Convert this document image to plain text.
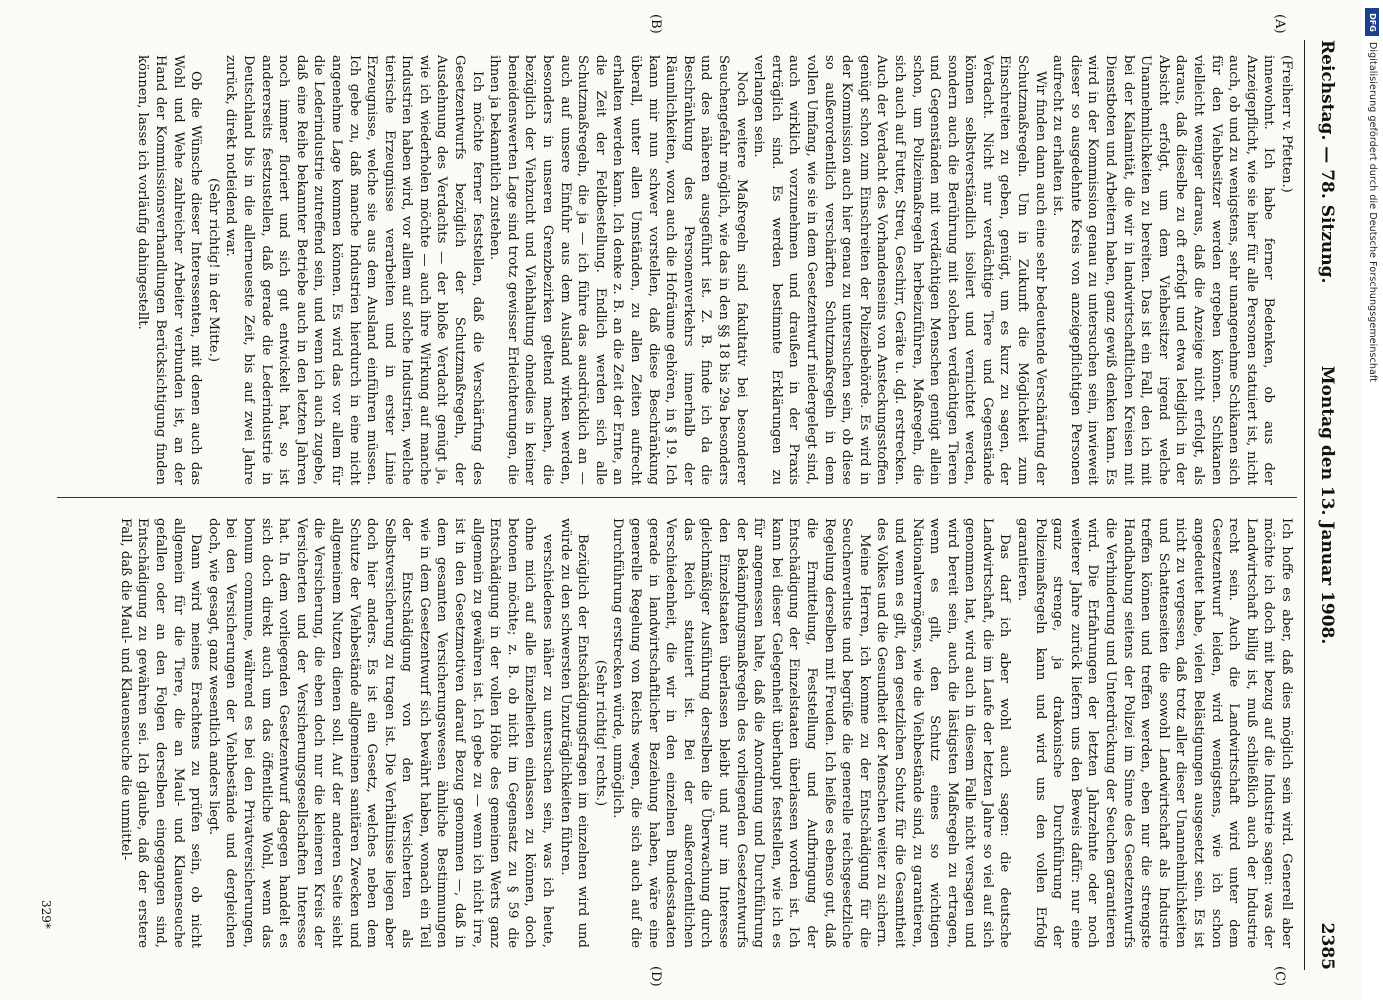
Reichstag. — 78. Sitzung.
Montag den 13. Januar 1908.
2385
(A)
(B)
(C)
(D)

(Freiherr v. Pfetten.)

innewohnt. Ich habe ferner Bedenken, ob aus der Anzeigepflicht, wie sie hier für alle Personen statuiert ist, nicht auch, ob und zu wenigstens, sehr unangenehme Schikanen sich für den Viehbesitzer werden ergeben können. Schikanen vielleicht weniger daraus, daß die Anzeige nicht erfolgt, als daraus, daß dieselbe zu oft erfolgt und etwa lediglich in der Absicht erfolgt, um dem Viehbesitzer irgend welche Unannehmlichkeiten zu bereiten. Das ist ein Fall, den ich mit bei der Kalamität, die wir in landwirtschaftlichen Kreisen mit Dienstboten und Arbeitern haben, ganz gewiß denken kann. Es wird in der Kommission genau zu untersuchen sein, inwieweit dieser so ausgedehnte Kreis von anzeigepflichtigen Personen aufrecht zu erhalten ist.

Wir finden dann auch eine sehr bedeutende Verschärfung der Schutzmaßregeln. Um in Zukunft die Möglichkeit zum Einschreiten zu geben, genügt, um es kurz zu sagen, der Verdacht. Nicht nur verdächtige Tiere und Gegenstände können selbstverständlich isoliert und vernichtet werden, sondern auch die Berührung mit solchen verdächtigen Tieren und Gegenständen mit verdächtigen Menschen genügt allein schon, um Polizeimaßregeln herbeizuführen, Maßregeln, die sich auch auf Futter, Streu, Geschirr, Geräte u. dgl. erstrecken. Auch der Verdacht des Vorhandenseins von Ansteckungsstoffen genügt schon zum Einschreiten der Polizeibehörde. Es wird in der Kommission auch hier genau zu untersuchen sein, ob diese so außerordentlich verschärften Schutzmaßregeln in dem vollen Umfang, wie sie in dem Gesetzentwurf niedergelegt sind, auch wirklich vorzunehmen und draußen in der Praxis erträglich sind. Es werden bestimmte Erklärungen zu verlangen sein.

Noch weitere Maßregeln sind fakultativ bei besonderer Seuchengefahr möglich, wie das in den §§ 18 bis 29a besonders und des näheren ausgeführt ist. Z. B. finde ich da die Beschränkung des Personenverkehrs innerhalb der Räumlichkeiten, wozu auch die Hofräume gehören, in § 19. Ich kann mir nun schwer vorstellen, daß diese Beschränkung überall, unter allen Umständen, zu allen Zeiten aufrecht erhalten werden kann. Ich denke z. B. an die Zeit der Ernte, an die Zeit der Feldbestellung. Endlich werden sich alle Schutzmaßregeln, die ja — ich führe das ausdrücklich an — auch auf unsere Einfuhr aus dem Ausland wirken werden, besonders in unseren Grenzbezirken geltend machen, die bezüglich der Viehzucht und Viehhaltung ohnedies in keiner beneidenswerten Lage sind trotz gewisser Erleichterungen, die ihnen ja bekanntlich zustehen.

Ich möchte ferner feststellen, daß die Verschärfung des Gesetzentwurfs bezüglich der Schutzmaßregeln, der Ausdehnung des Verdachts — der bloße Verdacht genügt ja, wie ich wiederholen möchte — auch ihre Wirkung auf manche Industrien haben wird, vor allem auf solche Industrien, welche tierische Erzeugnisse verarbeiten und in erster Linie Erzeugnisse, welche sie aus dem Ausland einführen müssen. Ich gebe zu, daß manche Industrien hierdurch in eine nicht angenehme Lage kommen können. Es wird das vor allem für die Lederindustrie zutreffend sein, und wenn ich auch zugebe, daß eine Reihe bekannter Betriebe auch in den letzten Jahren noch immer floriert und sich gut entwickelt hat, so ist andererseits festzustellen, daß gerade die Lederindustrie in Deutschland bis in die allerneueste Zeit, bis auf zwei Jahre zurück, direkt notleidend war.

(Sehr richtig! in der Mitte.)

Ob die Wünsche dieser Interessenten, mit denen auch das Wohl und Wehe zahlreicher Arbeiter verbunden ist, an der Hand der Kommissionsverhandlungen Berücksichtigung finden können, lasse ich vorläufig dahingestellt.

Ich hoffe es aber, daß dies möglich sein wird. Generell aber möchte ich doch mit bezug auf die Industrie sagen: was der Landwirtschaft billig ist, muß schließlich auch der Industrie recht sein. Auch die Landwirtschaft wird unter dem Gesetzentwurf leiden, wird wenigstens, wie ich schon angedeutet habe, vielen Belästigungen ausgesetzt sein. Es ist nicht zu vergessen, daß trotz aller dieser Unannehmlichkeiten und Schattenseiten die sowohl Landwirtschaft als Industrie treffen können und treffen werden, eben nur die strengste Handhabung seitens der Polizei im Sinne des Gesetzentwurfs die Verhinderung und Unterdrückung der Seuchen garantieren wird. Die Erfahrungen der letzten Jahrzehnte oder noch weiterer Jahre zurück liefern uns den Beweis dafür: nur eine ganz strenge, ja drakonische Durchführung der Polizeimaßregeln kann und wird uns den vollen Erfolg garantieren.

Das darf ich aber wohl auch sagen: die deutsche Landwirtschaft, die im Laufe der letzten Jahre so viel auf sich genommen hat, wird auch in diesem Falle nicht versagen und wird bereit sein, auch die lästigsten Maßregeln zu ertragen, wenn es gilt, den Schutz eines so wichtigen Nationalvermögens, wie die Viehbestände sind, zu garantieren, und wenn es gilt, den gesetzlichen Schutz für die Gesamtheit des Volkes und die Gesundheit der Menschen weiter zu sichern.

Meine Herren, ich komme zu der Entschädigung für die Seuchenverluste und begrüße die generelle reichsgesetzliche Regelung derselben mit Freuden. Ich heiße es ebenso gut, daß die Ermittelung, Feststellung und Aufbringung der Entschädigung der Einzelstaaten überlassen worden ist. Ich kann bei dieser Gelegenheit überhaupt feststellen, wie ich es für angemessen halte, daß die Anordnung und Durchführung der Bekämpfungsmaßregeln des vorliegenden Gesetzentwurfs den Einzelstaaten überlassen bleibt und nur im Interesse gleichmäßiger Ausführung derselben die Überwachung durch das Reich statuiert ist. Bei der außerordentlichen Verschiedenheit, die wir in den einzelnen Bundesstaaten gerade in landwirtschaftlicher Beziehung haben, wäre eine generelle Regelung von Reichs wegen, die sich auch auf die Durchführung erstrecken würde, unmöglich.

(Sehr richtig! rechts.)

Bezüglich der Entschädigungsfragen im einzelnen wird und würde zu den schwersten Unzuträglichkeiten führen.

verschiedenes näher zu untersuchen sein, was ich heute, ohne mich auf alle Einzelheiten einlassen zu können, doch betonen möchte; z. B. ob nicht im Gegensatz zu § 59 die Entschädigung in der vollen Höhe des gemeinen Werts ganz allgemein zu gewähren ist. Ich gebe zu — wenn ich nicht irre, ist in den Gesetzmotiven darauf Bezug genommen —, daß in dem gesamten Versicherungswesen ähnliche Bestimmungen wie in dem Gesetzentwurf sich bewährt haben, wonach ein Teil der Entschädigung von den Versicherten als Selbstversicherung zu tragen ist. Die Verhältnisse liegen aber doch hier anders. Es ist ein Gesetz, welches neben dem Schutze der Viehbestände allgemeinen sanitären Zwecken und allgemeinem Nutzen dienen soll. Auf der anderen Seite sieht die Versicherung, die eben doch nur die kleineren Kreis der Versicherten und der Versicherungsgesellschaften Interesse hat. In dem vorliegenden Gesetzentwurf dagegen handelt es sich doch direkt auch um das öffentliche Wohl, wenn das bonum commune, während es bei den Privatversicherungen, bei den Versicherungen der Viehbestände und dergleichen doch, wie gesagt, ganz wesentlich anders liegt.

Dann wird meines Erachtens zu prüfen sein, ob nicht allgemein für die Tiere, die an Maul- und Klauenseuche gefallen oder an den Folgen derselben eingegangen sind, Entschädigung zu gewähren sei. Ich glaube, daß der erstere Fall, daß die Maul- und Klauenseuche die unmittel-

329*
DFG
Digitalisierung gefördert durch die Deutsche Forschungsgemeinschaft
